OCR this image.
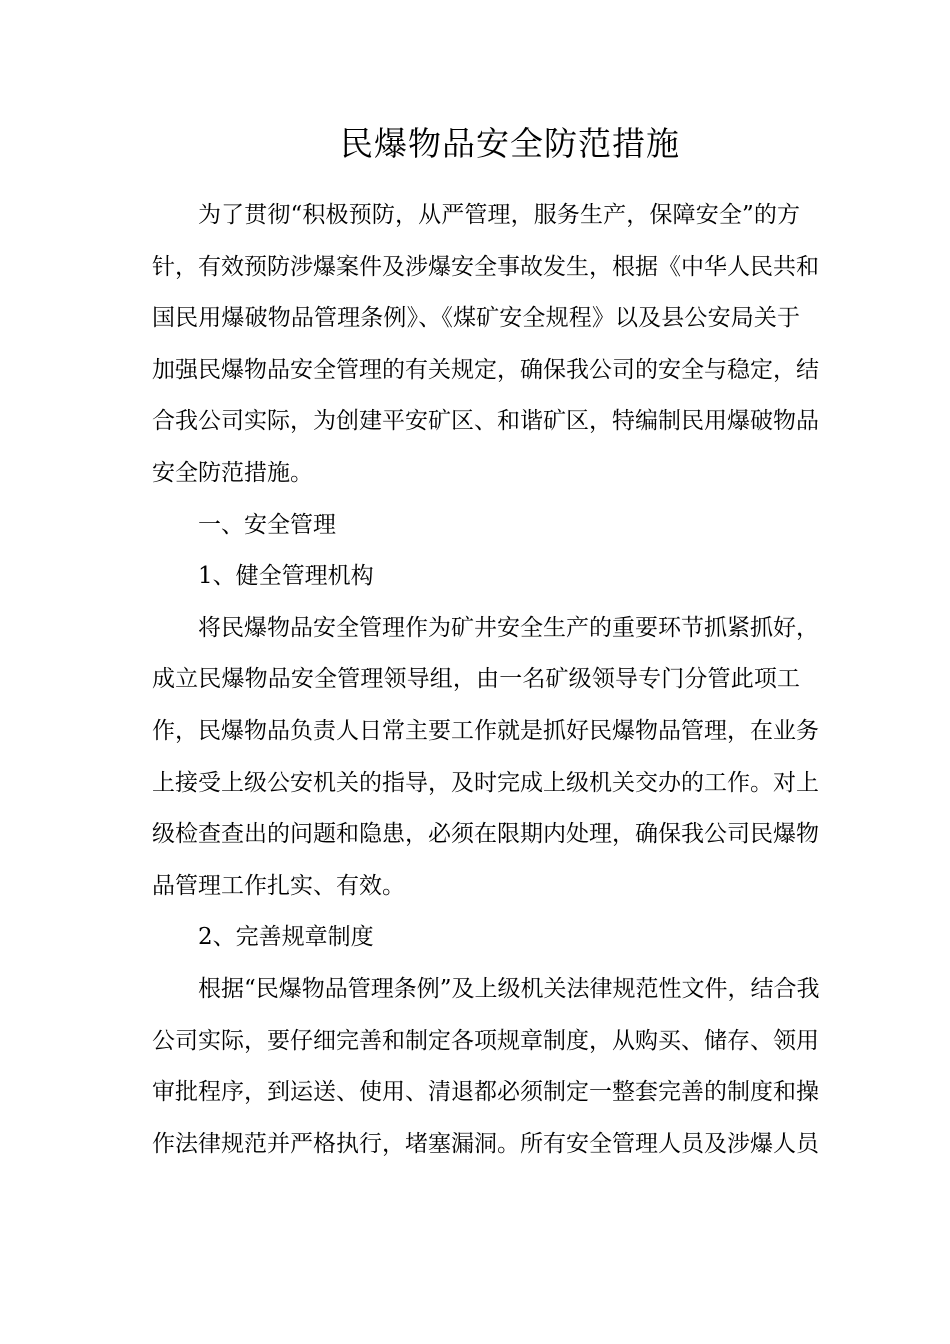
民爆物品安全防范措施
为了贯彻“积极预防，从严管理，服务生产，保障安全”的方
针，有效预防涉爆案件及涉爆安全事故发生，根据《中华人民共和
国民用爆破物品管理条例》、《煤矿安全规程》以及县公安局关于
加强民爆物品安全管理的有关规定，确保我公司的安全与稳定，结
合我公司实际，为创建平安矿区、和谐矿区，特编制民用爆破物品
安全防范措施。
一、安全管理
1、健全管理机构
将民爆物品安全管理作为矿井安全生产的重要环节抓紧抓好，
成立民爆物品安全管理领导组，由一名矿级领导专门分管此项工
作，民爆物品负责人日常主要工作就是抓好民爆物品管理，在业务
上接受上级公安机关的指导，及时完成上级机关交办的工作。对上
级检查查出的问题和隐患，必须在限期内处理，确保我公司民爆物
品管理工作扎实、有效。
2、完善规章制度
根据“民爆物品管理条例”及上级机关法律规范性文件，结合我
公司实际，要仔细完善和制定各项规章制度，从购买、储存、领用
审批程序，到运送、使用、清退都必须制定一整套完善的制度和操
作法律规范并严格执行，堵塞漏洞。所有安全管理人员及涉爆人员
